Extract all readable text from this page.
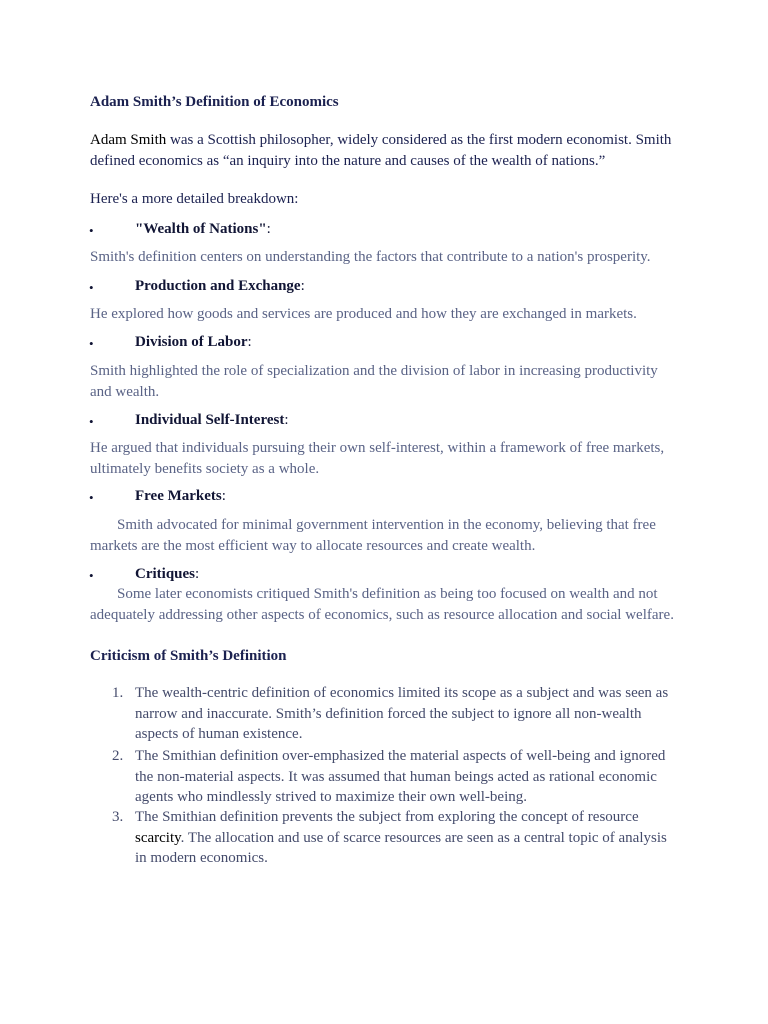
Adam Smith’s Definition of Economics
Adam Smith was a Scottish philosopher, widely considered as the first modern economist. Smith defined economics as “an inquiry into the nature and causes of the wealth of nations.”
Here's a more detailed breakdown:
•	"Wealth of Nations":
Smith's definition centers on understanding the factors that contribute to a nation's prosperity.
•	Production and Exchange:
He explored how goods and services are produced and how they are exchanged in markets.
•	Division of Labor:
Smith highlighted the role of specialization and the division of labor in increasing productivity and wealth.
•	Individual Self-Interest:
He argued that individuals pursuing their own self-interest, within a framework of free markets, ultimately benefits society as a whole.
•	Free Markets:
Smith advocated for minimal government intervention in the economy, believing that free markets are the most efficient way to allocate resources and create wealth.
•	Critiques:
Some later economists critiqued Smith's definition as being too focused on wealth and not adequately addressing other aspects of economics, such as resource allocation and social welfare.
Criticism of Smith’s Definition
1. The wealth-centric definition of economics limited its scope as a subject and was seen as narrow and inaccurate. Smith’s definition forced the subject to ignore all non-wealth aspects of human existence.
2. The Smithian definition over-emphasized the material aspects of well-being and ignored the non-material aspects. It was assumed that human beings acted as rational economic agents who mindlessly strived to maximize their own well-being.
3. The Smithian definition prevents the subject from exploring the concept of resource scarcity. The allocation and use of scarce resources are seen as a central topic of analysis in modern economics.
